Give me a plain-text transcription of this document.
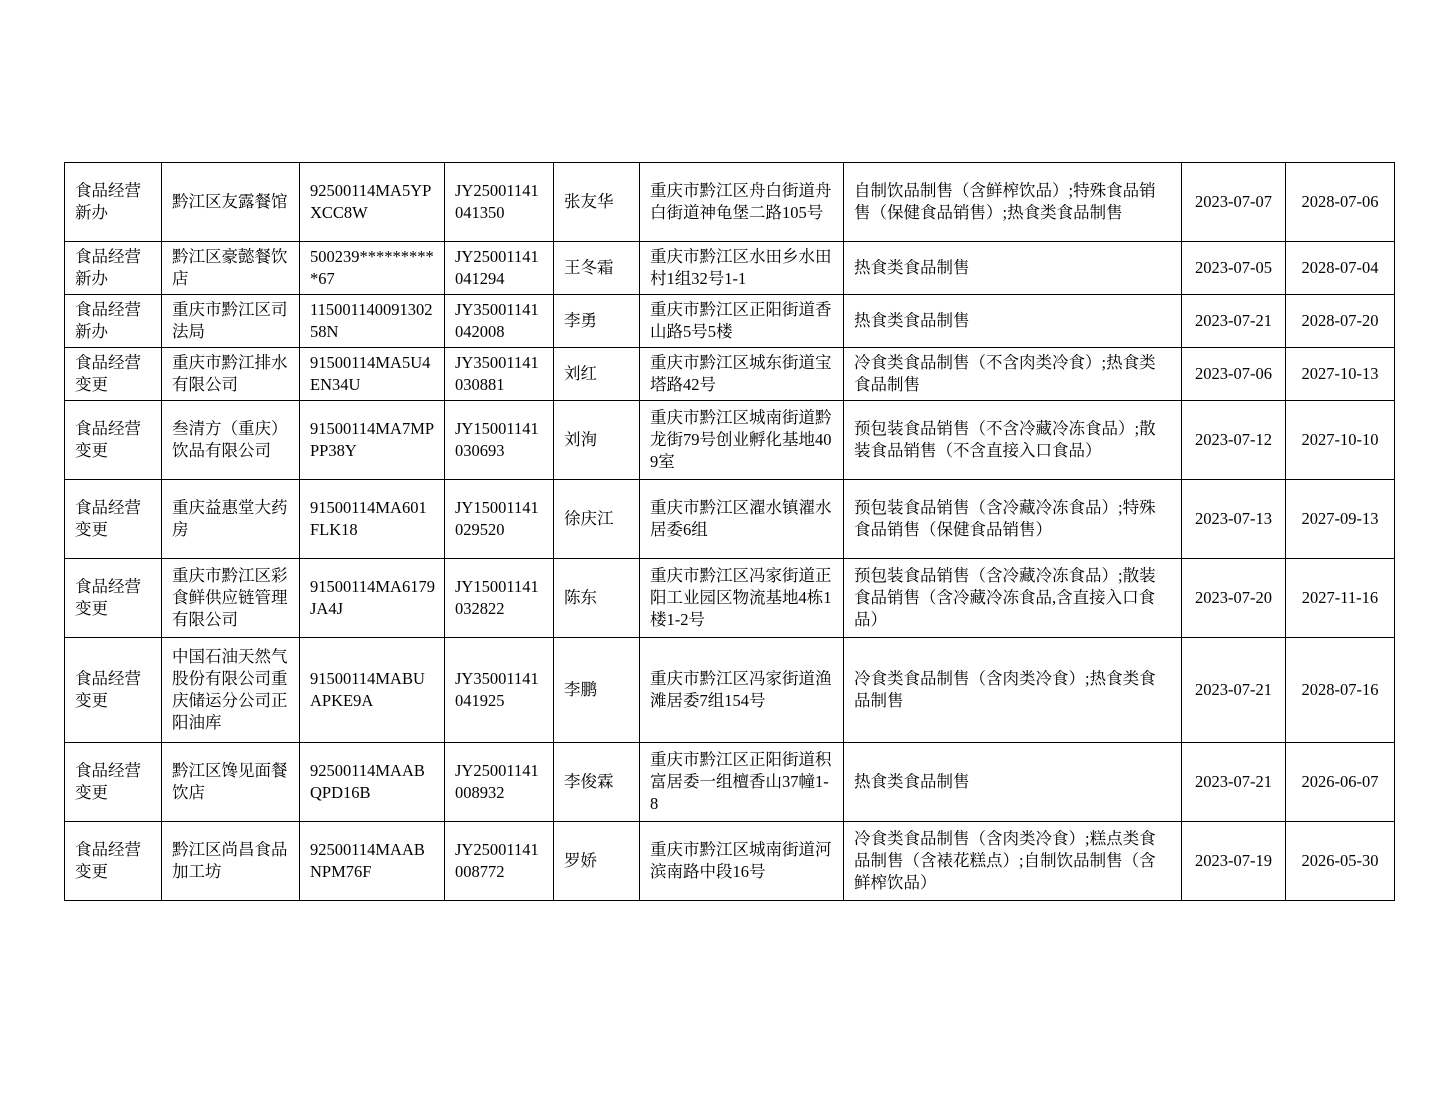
食品经营新办	黔江区友露餐馆	92500114MA5YPXCC8W	JY25001141041350	张友华	重庆市黔江区舟白街道舟白街道神龟堡二路105号	自制饮品制售（含鲜榨饮品）;特殊食品销售（保健食品销售）;热食类食品制售	2023-07-07	2028-07-06
食品经营新办	黔江区豪懿餐饮店	500239**********67	JY25001141041294	王冬霜	重庆市黔江区水田乡水田村1组32号1-1	热食类食品制售	2023-07-05	2028-07-04
食品经营新办	重庆市黔江区司法局	115001140091302 58N	JY35001141042008	李勇	重庆市黔江区正阳街道香山路5号5楼	热食类食品制售	2023-07-21	2028-07-20
食品经营变更	重庆市黔江排水有限公司	91500114MA5U4EN34U	JY35001141030881	刘红	重庆市黔江区城东街道宝塔路42号	冷食类食品制售（不含肉类冷食）;热食类食品制售	2023-07-06	2027-10-13
食品经营变更	叁清方（重庆）饮品有限公司	91500114MA7MPPP38Y	JY15001141030693	刘洵	重庆市黔江区城南街道黔龙街79号创业孵化基地409室	预包装食品销售（不含冷藏冷冻食品）;散装食品销售（不含直接入口食品）	2023-07-12	2027-10-10
食品经营变更	重庆益惠堂大药房	91500114MA601FLK18	JY15001141029520	徐庆江	重庆市黔江区濯水镇濯水居委6组	预包装食品销售（含冷藏冷冻食品）;特殊食品销售（保健食品销售）	2023-07-13	2027-09-13
食品经营变更	重庆市黔江区彩食鲜供应链管理有限公司	91500114MA6179JA4J	JY15001141032822	陈东	重庆市黔江区冯家街道正阳工业园区物流基地4栋1楼1-2号	预包装食品销售（含冷藏冷冻食品）;散装食品销售（含冷藏冷冻食品,含直接入口食品）	2023-07-20	2027-11-16
食品经营变更	中国石油天然气股份有限公司重庆储运分公司正阳油库	91500114MABUAPKE9A	JY35001141041925	李鹏	重庆市黔江区冯家街道渔滩居委7组154号	冷食类食品制售（含肉类冷食）;热食类食品制售	2023-07-21	2028-07-16
食品经营变更	黔江区馋见面餐饮店	92500114MAABQPD16B	JY25001141008932	李俊霖	重庆市黔江区正阳街道积富居委一组檀香山37幢1-8	热食类食品制售	2023-07-21	2026-06-07
食品经营变更	黔江区尚昌食品加工坊	92500114MAABNPM76F	JY25001141008772	罗娇	重庆市黔江区城南街道河滨南路中段16号	冷食类食品制售（含肉类冷食）;糕点类食品制售（含裱花糕点）;自制饮品制售（含鲜榨饮品）	2023-07-19	2026-05-30
